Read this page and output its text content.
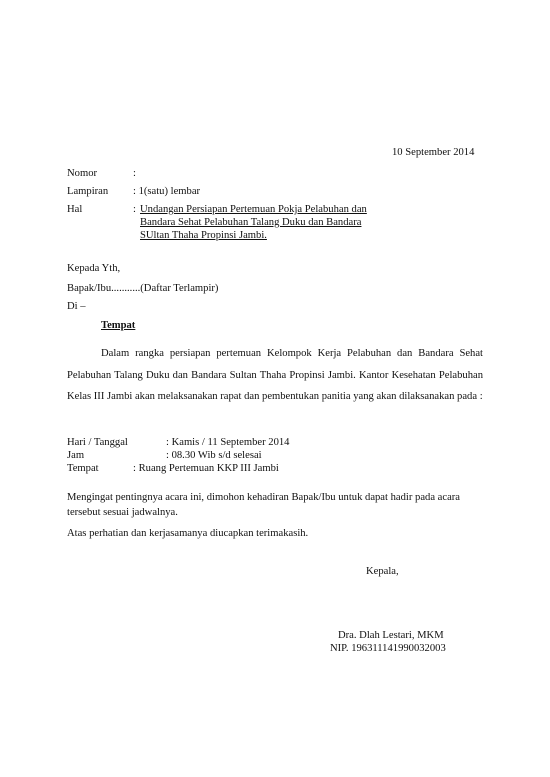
10 September 2014
Nomor	:
Lampiran : 1(satu) lembar
Hal	: Undangan Persiapan Pertemuan Pokja Pelabuhan dan
Bandara Sehat Pelabuhan Talang Duku dan Bandara
SUltan Thaha Propinsi Jambi.
Kepada Yth,
Bapak/Ibu...........(Daftar Terlampir)
Di –
Tempat
Dalam rangka persiapan pertemuan Kelompok Kerja Pelabuhan dan Bandara Sehat Pelabuhan Talang Duku dan Bandara Sultan Thaha Propinsi Jambi. Kantor Kesehatan Pelabuhan Kelas III Jambi akan melaksanakan rapat dan pembentukan panitia yang akan dilaksanakan pada :
Hari / Tanggal	: Kamis / 11 September 2014
Jam	: 08.30 Wib s/d selesai
Tempat	: Ruang Pertemuan KKP III Jambi
Mengingat pentingnya acara ini, dimohon kehadiran Bapak/Ibu untuk dapat hadir pada acara tersebut sesuai jadwalnya.
Atas perhatian dan kerjasamanya diucapkan terimakasih.
Kepala,
Dra. Dlah Lestari, MKM
NIP. 196311141990032003
